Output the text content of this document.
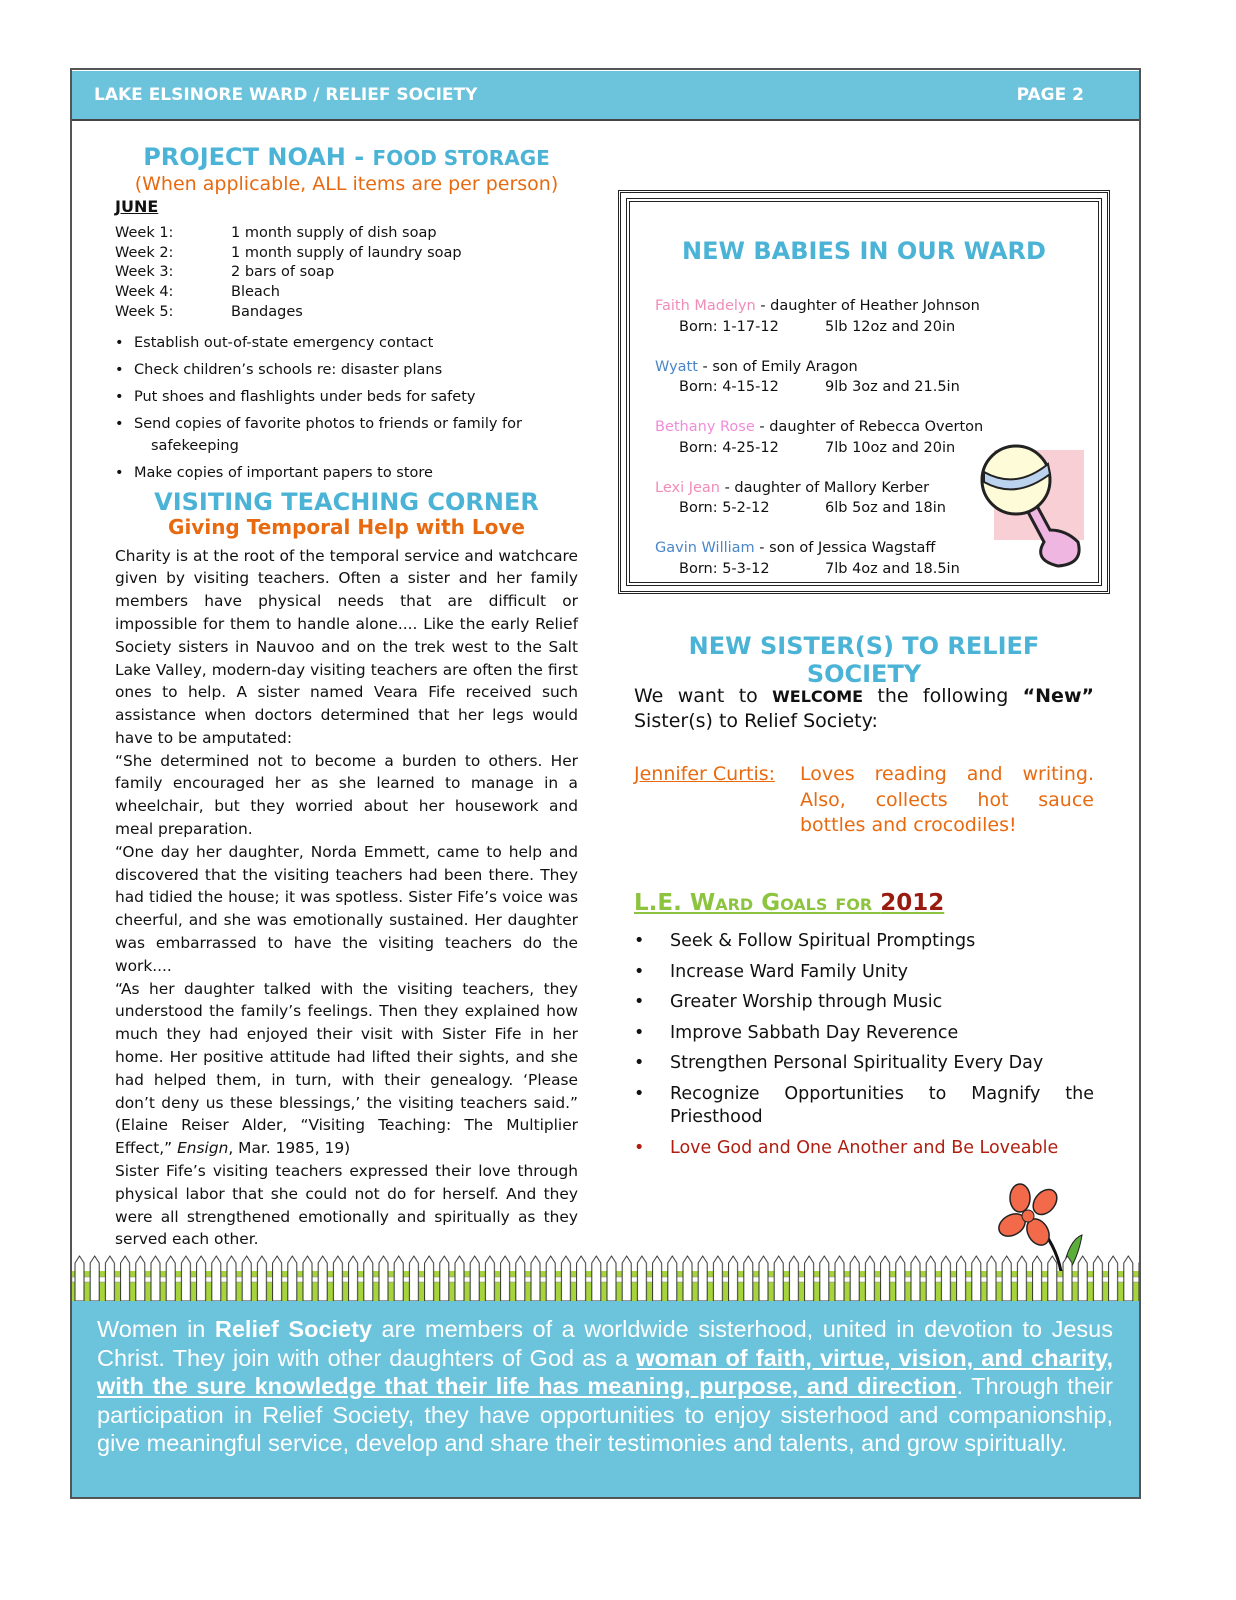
LAKE ELSINORE WARD / RELIEF SOCIETY	PAGE 2
PROJECT NOAH - FOOD STORAGE
(When applicable, ALL items are per person)
JUNE
Week 1:	1 month supply of dish soap
Week 2:	1 month supply of laundry soap
Week 3:	2 bars of soap
Week 4:	Bleach
Week 5:	Bandages
• Establish out-of-state emergency contact
• Check children’s schools re: disaster plans
• Put shoes and flashlights under beds for safety
• Send copies of favorite photos to friends or family for
safekeeping
• Make copies of important papers to store
VISITING TEACHING CORNER
Giving Temporal Help with Love
Charity is at the root of the temporal service and watchcare given by visiting teachers. Often a sister and her family members have physical needs that are difficult or impossible for them to handle alone.... Like the early Relief Society sisters in Nauvoo and on the trek west to the Salt Lake Valley, modern-day visiting teachers are often the first ones to help. A sister named Veara Fife received such assistance when doctors determined that her legs would have to be amputated:
“She determined not to become a burden to others. Her family encouraged her as she learned to manage in a wheelchair, but they worried about her housework and meal preparation.
“One day her daughter, Norda Emmett, came to help and discovered that the visiting teachers had been there. They had tidied the house; it was spotless. Sister Fife’s voice was cheerful, and she was emotionally sustained. Her daughter was embarrassed to have the visiting teachers do the work....
“As her daughter talked with the visiting teachers, they understood the family’s feelings. Then they explained how much they had enjoyed their visit with Sister Fife in her home. Her positive attitude had lifted their sights, and she had helped them, in turn, with their genealogy. ‘Please don’t deny us these blessings,’ the visiting teachers said.” (Elaine Reiser Alder, “Visiting Teaching: The Multiplier Effect,” Ensign, Mar. 1985, 19)
Sister Fife’s visiting teachers expressed their love through physical labor that she could not do for herself. And they were all strengthened emotionally and spiritually as they served each other.
NEW BABIES IN OUR WARD
Faith Madelyn - daughter of Heather Johnson
Born: 1-17-12	5lb 12oz and 20in
Wyatt - son of Emily Aragon
Born: 4-15-12	9lb 3oz and 21.5in
Bethany Rose - daughter of Rebecca Overton
Born: 4-25-12	7lb 10oz and 20in
Lexi Jean - daughter of Mallory Kerber
Born: 5-2-12	6lb 5oz and 18in
Gavin William - son of Jessica Wagstaff
Born: 5-3-12	7lb 4oz and 18.5in
NEW SISTER(S) TO RELIEF SOCIETY
We want to WELCOME the following “New” Sister(s) to Relief Society:
Jennifer Curtis:	Loves reading and writing. Also, collects hot sauce bottles and crocodiles!
L.E. Ward Goals for 2012
• Seek & Follow Spiritual Promptings
• Increase Ward Family Unity
• Greater Worship through Music
• Improve Sabbath Day Reverence
• Strengthen Personal Spirituality Every Day
• Recognize Opportunities to Magnify the Priesthood
• Love God and One Another and Be Loveable
Women in Relief Society are members of a worldwide sisterhood, united in devotion to Jesus Christ. They join with other daughters of God as a woman of faith, virtue, vision, and charity, with the sure knowledge that their life has meaning, purpose, and direction. Through their participation in Relief Society, they have opportunities to enjoy sisterhood and companionship, give meaningful service, develop and share their testimonies and talents, and grow spiritually.
